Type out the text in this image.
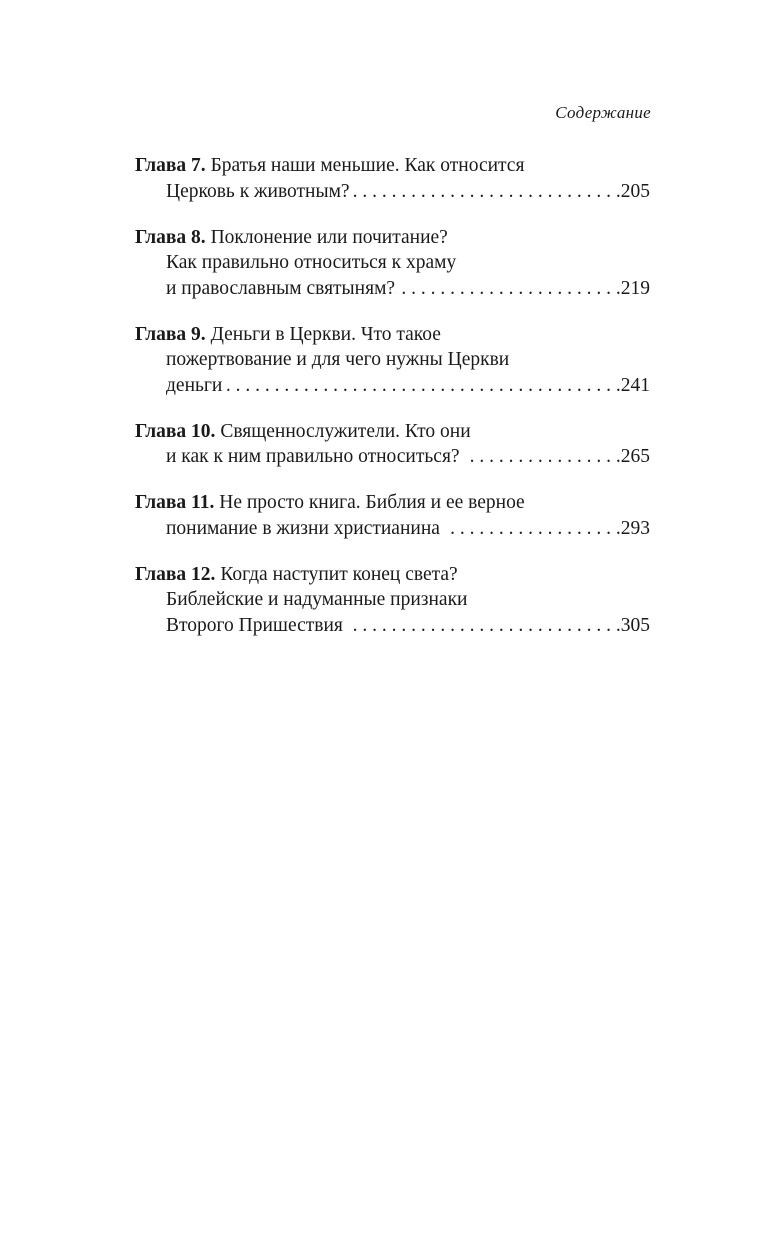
Содержание
Глава 7. Братья наши меньшие. Как относится
Церковь к животным? . . .	205
Глава 8. Поклонение или почитание?
Как правильно относиться к храму
и православным святыням? . . .	219
Глава 9. Деньги в Церкви. Что такое
пожертвование и для чего нужны Церкви
деньги . . .	241
Глава 10. Священнослужители. Кто они
и как к ним правильно относиться? . . .	265
Глава 11. Не просто книга. Библия и ее верное
понимание в жизни христианина . . .	293
Глава 12. Когда наступит конец света?
Библейские и надуманные признаки
Второго Пришествия . . .	305
